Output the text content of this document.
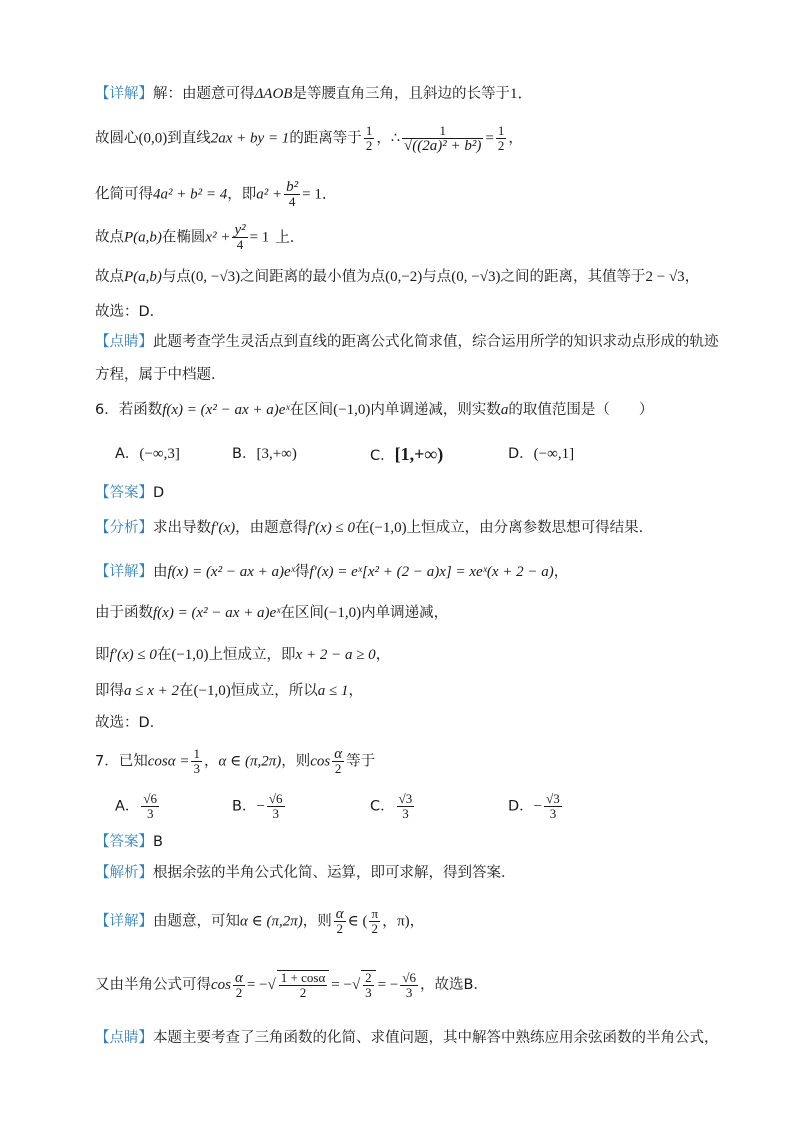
【详解】解：由题意可得ΔAOB是等腰直角三角，且斜边的长等于1．
故圆心(0,0)到直线2ax + by = 1的距离等于 $\frac{1}{2}$ ，∴ $\frac{1}{\text{√((2a)² + b²)}} = \frac{1}{2}$ ，
化简可得4a² + b² = 4，即$a^2 + \frac{\text{b²}}{4} = 1$．
故点P(a,b)在椭圆$x^2 + \frac{\text{y²}}{4} = 1$ 上．
故点P(a,b)与点(0, −√3)之间距离的最小值为点(0,−2)与点(0, −√3)之间的距离，其值等于2 − √3，
故选：D．
【点睛】此题考查学生灵活点到直线的距离公式化简求值，综合运用所学的知识求动点形成的轨迹
方程，属于中档题．
6．若函数f(x) = (x² − ax + a)eˣ在区间(−1,0)内单调递减，则实数a的取值范围是（　　）
A．(−∞,3]	B．[3,+∞)	C．[1,+∞)	D．(−∞,1]
【答案】D
【分析】求出导数f′(x)，由题意得f′(x) ≤ 0在(−1,0)上恒成立，由分离参数思想可得结果.
【详解】由f(x) = (x² − ax + a)eˣ得f′(x) = eˣ[x² + (2 − a)x] = xeˣ(x + 2 − a)，
由于函数f(x) = (x² − ax + a)eˣ在区间(−1,0)内单调递减，
即f′(x) ≤ 0在(−1,0)上恒成立，即x + 2 − a ≥ 0，
即得a ≤ x + 2在(−1,0)恒成立，所以a ≤ 1，
故选：D.
7．已知$\cos\alpha = \frac{1}{3}$ ，α ∈ (π,2π)，则$\cos \frac{\alpha}{2}$ 等于
A． $\frac{√6}{3}$	B．− $\frac{√6}{3}$	C． $\frac{√3}{3}$	D．− $\frac{√3}{3}$
【答案】B
【解析】根据余弦的半角公式化简、运算，即可求解，得到答案．
【详解】由题意，可知α ∈ (π,2π)，则 $\frac{\alpha}{2}$ ∈ ( $\frac{\pi}{2}$ ，π)，
又由半角公式可得$\cos \frac{\alpha}{2}$ = −√ $\frac{1 + \cos\alpha}{2}$ = −√ $\frac{2}{3}$ = − $\frac{√6}{3}$ ，故选B．
【点睛】本题主要考查了三角函数的化简、求值问题，其中解答中熟练应用余弦函数的半角公式，
